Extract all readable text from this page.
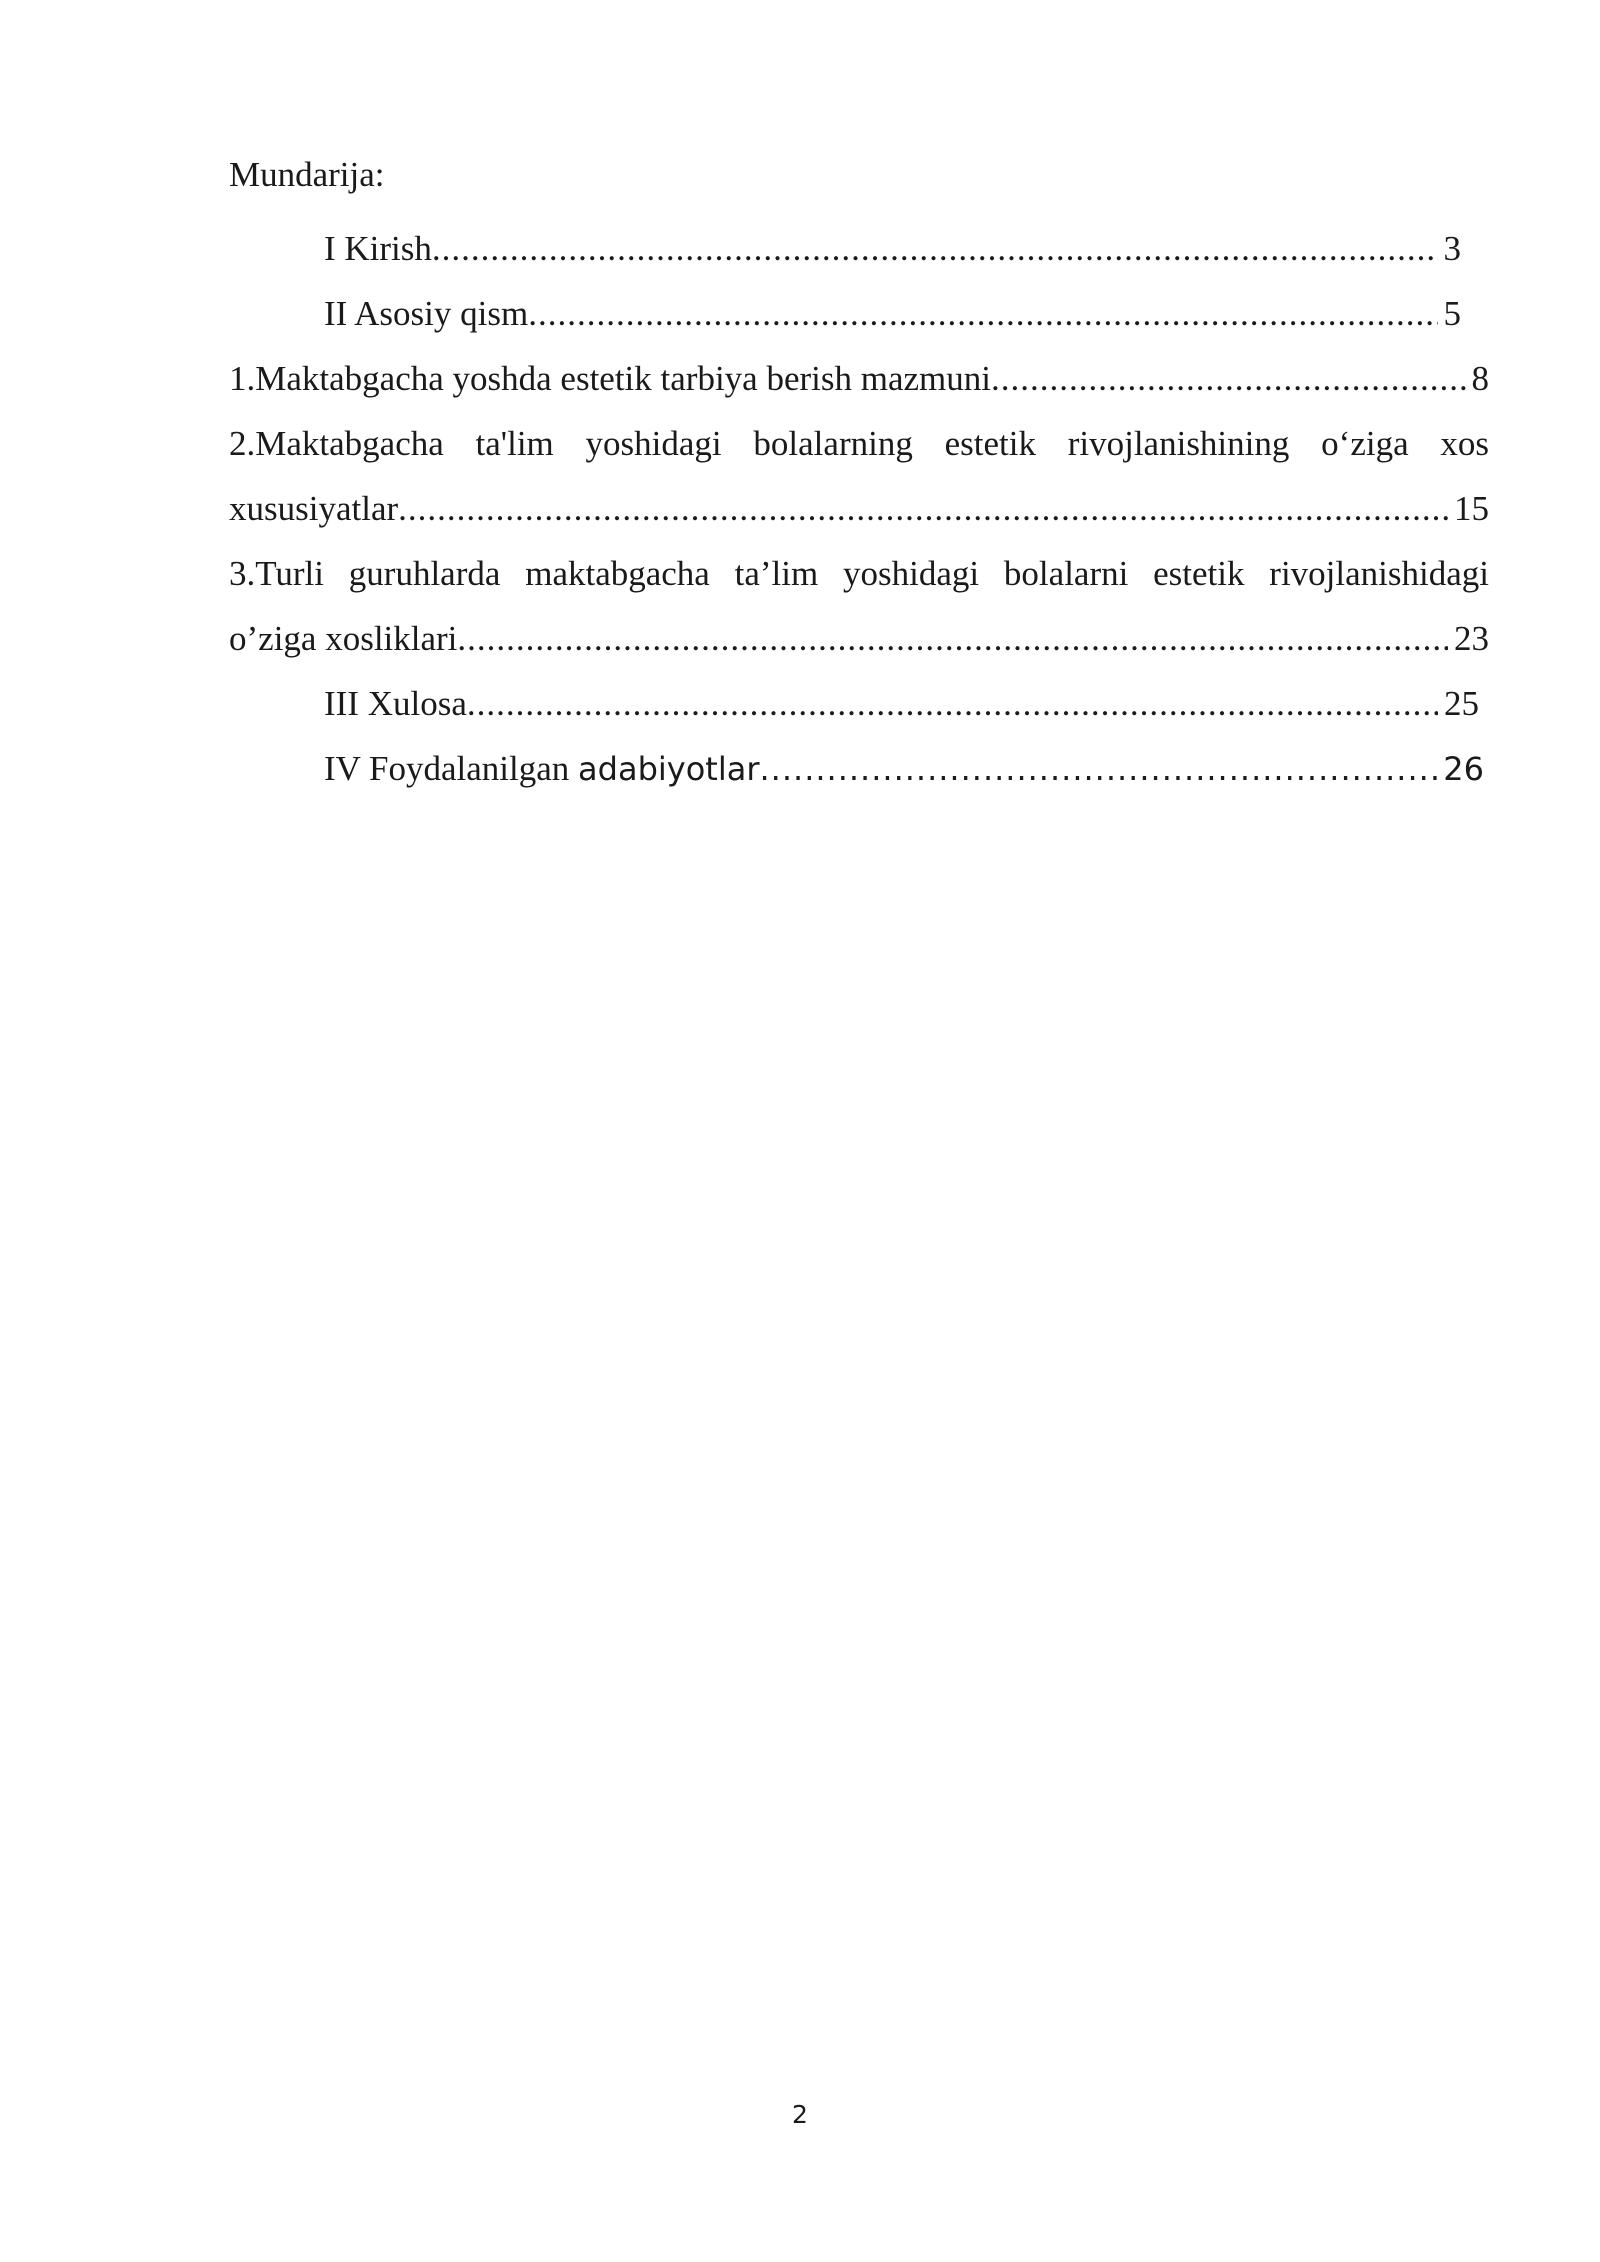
Mundarija:
I Kirish .....	3
II Asosiy qism .....	5
1.Maktabgacha yoshda estetik tarbiya berish mazmuni .....	8
2.Maktabgacha ta'lim yoshidagi bolalarning estetik rivojlanishining o‘ziga xos
xususiyatlar .....	15
3.Turli guruhlarda maktabgacha ta’lim yoshidagi bolalarni estetik rivojlanishidagi
o’ziga xosliklari .....	23
III Xulosa .....	25
IV Foydalanilgan adabiyotlar .....	26
2
